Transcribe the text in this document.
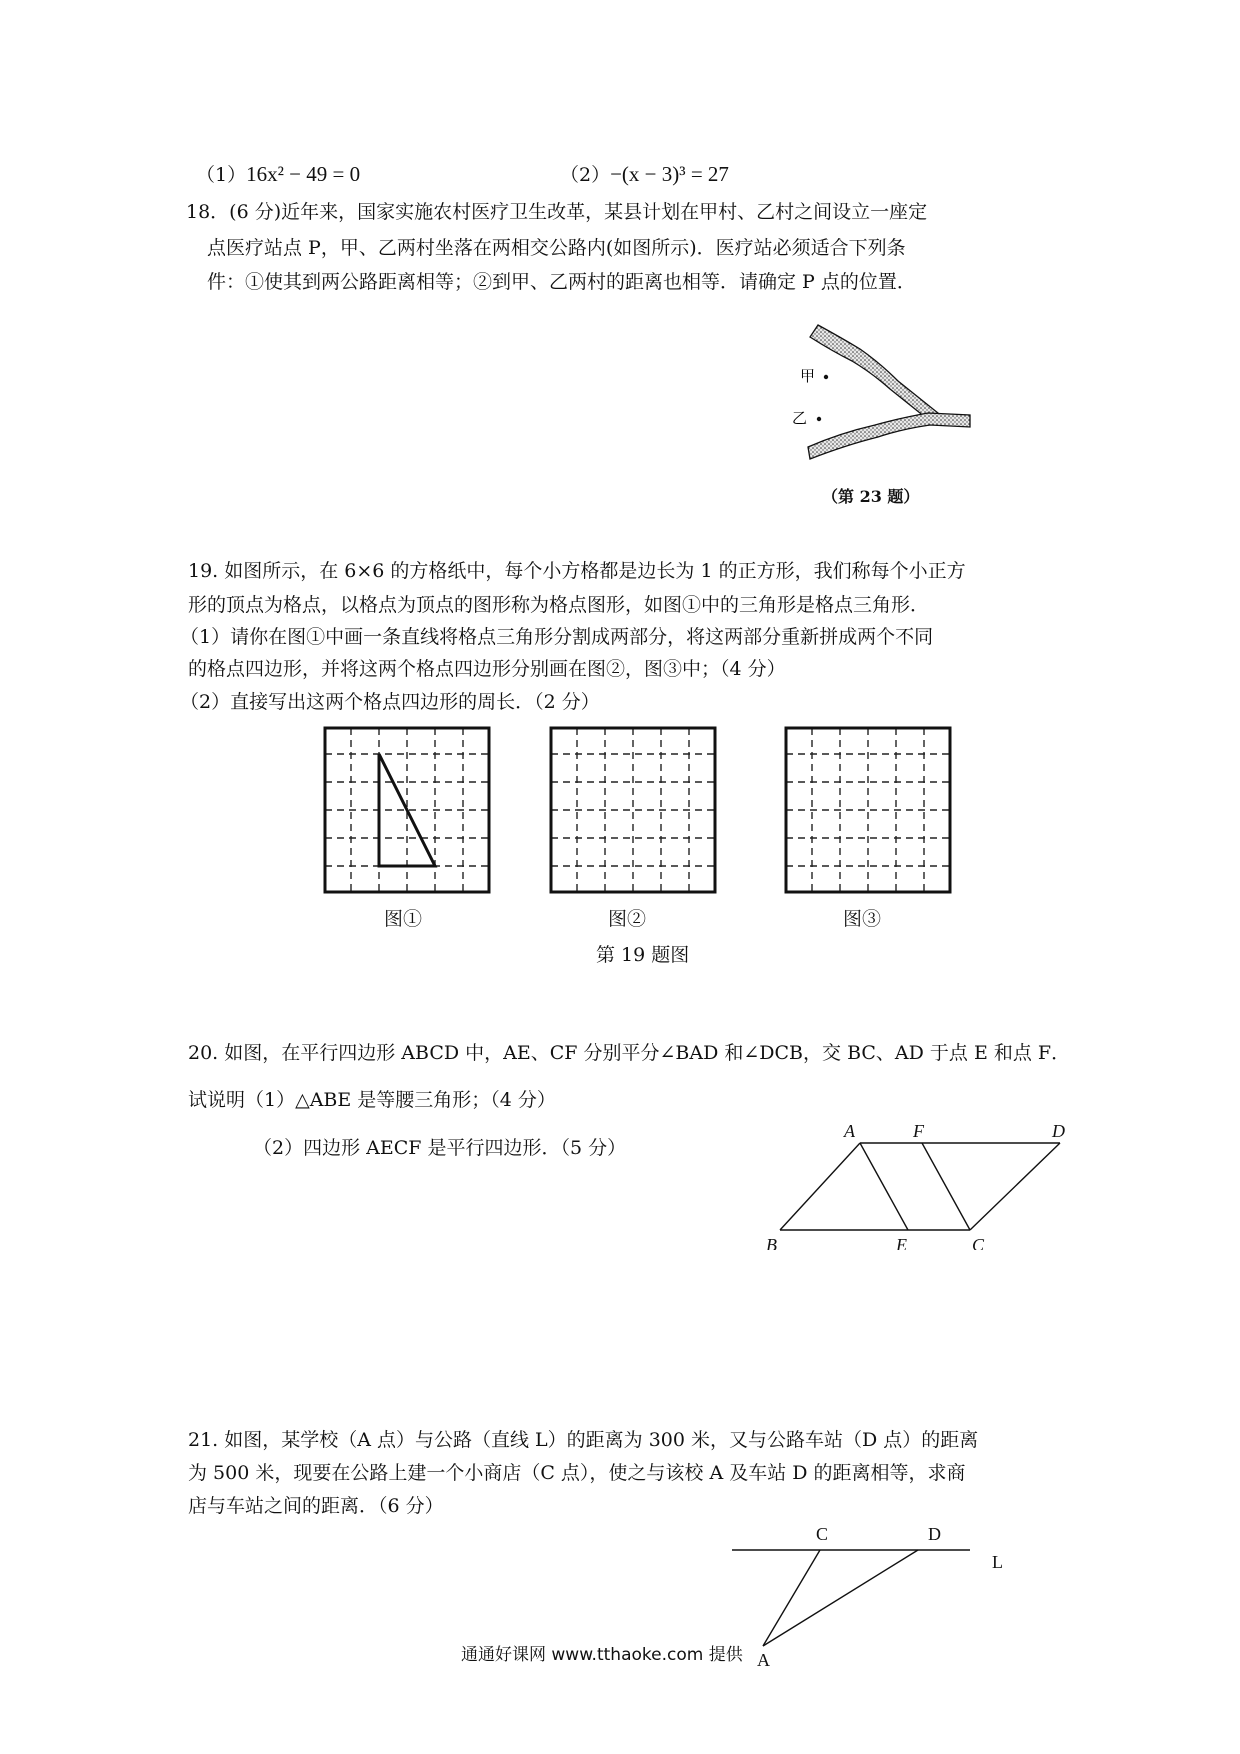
（1）16x² − 49 = 0	（2）−(x − 3)³ = 27
18．(6 分)近年来，国家实施农村医疗卫生改革，某县计划在甲村、乙村之间设立一座定
点医疗站点 P，甲、乙两村坐落在两相交公路内(如图所示)．医疗站必须适合下列条
件：①使其到两公路距离相等；②到甲、乙两村的距离也相等．请确定 P 点的位置．
甲
乙
（第 23 题）
19. 如图所示，在 6×6 的方格纸中，每个小方格都是边长为 1 的正方形，我们称每个小正方
形的顶点为格点，以格点为顶点的图形称为格点图形，如图①中的三角形是格点三角形．
（1）请你在图①中画一条直线将格点三角形分割成两部分，将这两部分重新拼成两个不同
的格点四边形，并将这两个格点四边形分别画在图②，图③中；（4 分）
（2）直接写出这两个格点四边形的周长．（2 分）
图①	图②	图③
第 19 题图
20. 如图，在平行四边形 ABCD 中，AE、CF 分别平分∠BAD 和∠DCB，交 BC、AD 于点 E 和点 F．
试说明（1）△ABE 是等腰三角形；（4 分）
（2）四边形 AECF 是平行四边形．（5 分）
A	F	D
B	E	C
21. 如图，某学校（A 点）与公路（直线 L）的距离为 300 米，又与公路车站（D 点）的距离
为 500 米，现要在公路上建一个小商店（C 点），使之与该校 A 及车站 D 的距离相等，求商
店与车站之间的距离．（6 分）
C	D
L
A
通通好课网 www.tthaoke.com 提供
